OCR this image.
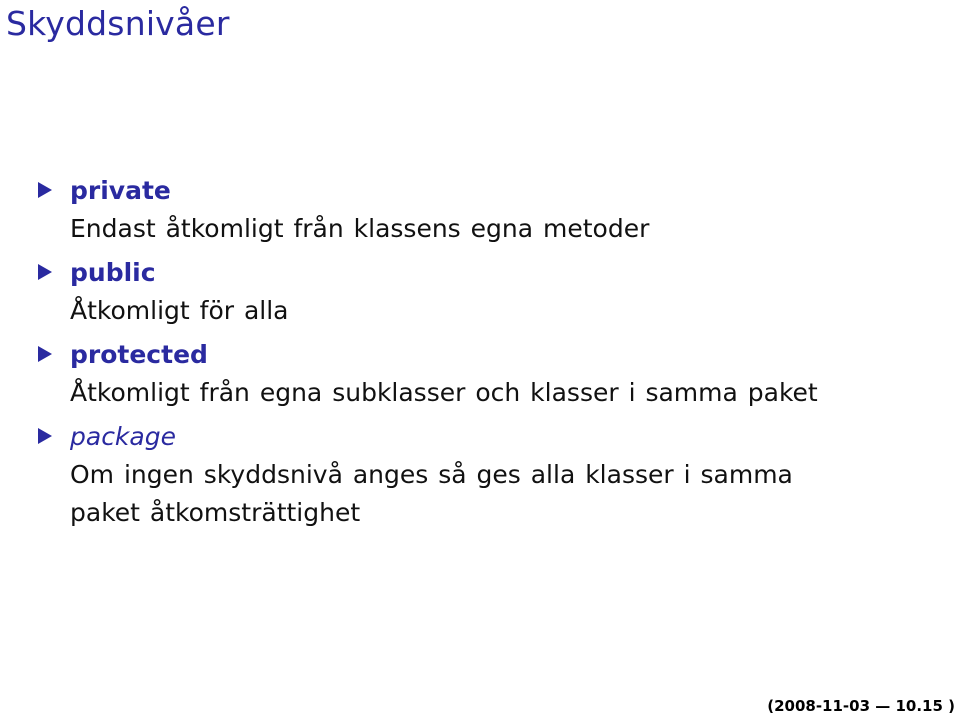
Skyddsnivåer
private
Endast åtkomligt från klassens egna metoder
public
Åtkomligt för alla
protected
Åtkomligt från egna subklasser och klasser i samma paket
package
Om ingen skyddsnivå anges så ges alla klasser i samma paket åtkomsträttighet
(2008-11-03 — 10.15 )
